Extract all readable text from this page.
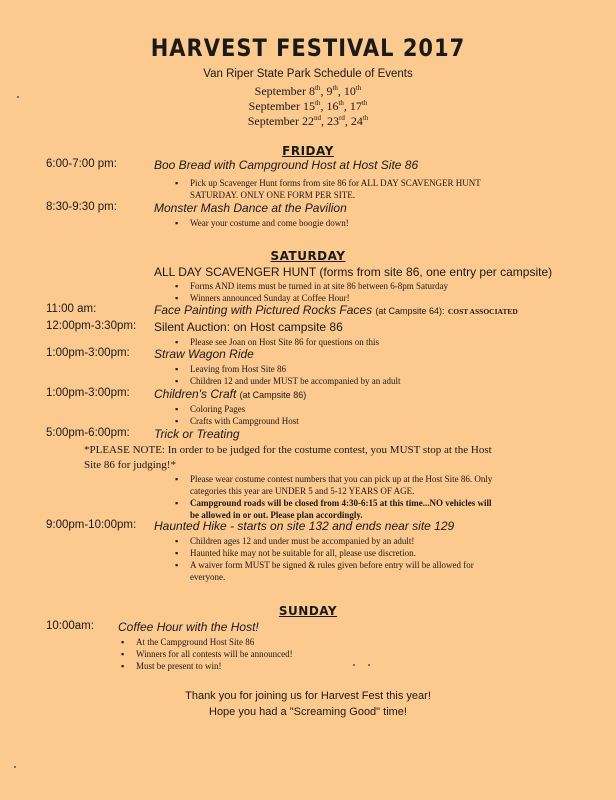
HARVEST FESTIVAL 2017
Van Riper State Park Schedule of Events
September 8th, 9th, 10th
September 15th, 16th, 17th
September 22nd, 23rd, 24th
FRIDAY
6:00-7:00 pm:	Boo Bread with Campground Host at Host Site 86
▪ Pick up Scavenger Hunt forms from site 86 for ALL DAY SCAVENGER HUNT
SATURDAY. ONLY ONE FORM PER SITE.
8:30-9:30 pm:	Monster Mash Dance at the Pavilion
▪ Wear your costume and come boogie down!
SATURDAY
ALL DAY SCAVENGER HUNT (forms from site 86, one entry per campsite)
▪ Forms AND items must be turned in at site 86 between 6-8pm Saturday
▪ Winners announced Sunday at Coffee Hour!
11:00 am:	Face Painting with Pictured Rocks Faces (at Campsite 64): COST ASSOCIATED
12:00pm-3:30pm: Silent Auction: on Host campsite 86
▪ Please see Joan on Host Site 86 for questions on this
1:00pm-3:00pm: Straw Wagon Ride
▪ Leaving from Host Site 86
▪ Children 12 and under MUST be accompanied by an adult
1:00pm-3:00pm: Children's Craft (at Campsite 86)
▪ Coloring Pages
▪ Crafts with Campground Host
5:00pm-6:00pm: Trick or Treating
*PLEASE NOTE: In order to be judged for the costume contest, you MUST stop at the Host
Site 86 for judging!*
▪ Please wear costume contest numbers that you can pick up at the Host Site 86. Only
categories this year are UNDER 5 and 5-12 YEARS OF AGE.
▪ Campground roads will be closed from 4:30-6:15 at this time...NO vehicles will
be allowed in or out. Please plan accordingly.
9:00pm-10:00pm: Haunted Hike - starts on site 132 and ends near site 129
▪ Children ages 12 and under must be accompanied by an adult!
▪ Haunted hike may not be suitable for all, please use discretion.
▪ A waiver form MUST be signed & rules given before entry will be allowed for
everyone.
SUNDAY
10:00am: Coffee Hour with the Host!
▪ At the Campground Host Site 86
▪ Winners for all contests will be announced!
▪ Must be present to win!
Thank you for joining us for Harvest Fest this year!
Hope you had a "Screaming Good" time!
